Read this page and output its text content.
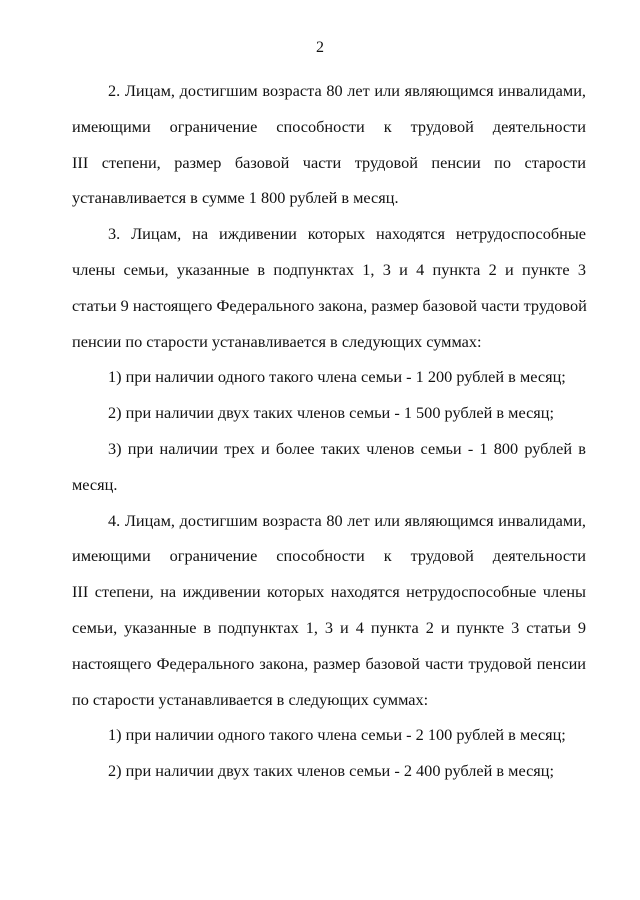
2
2. Лицам, достигшим возраста 80 лет или являющимся инвалидами,
имеющими ограничение способности к трудовой деятельности
III степени, размер базовой части трудовой пенсии по старости
устанавливается в сумме 1 800 рублей в месяц.
3. Лицам, на иждивении которых находятся нетрудоспособные
члены семьи, указанные в подпунктах 1, 3 и 4 пункта 2 и пункте 3
статьи 9 настоящего Федерального закона, размер базовой части трудовой
пенсии по старости устанавливается в следующих суммах:
1) при наличии одного такого члена семьи - 1 200 рублей в месяц;
2) при наличии двух таких членов семьи - 1 500 рублей в месяц;
3) при наличии трех и более таких членов семьи - 1 800 рублей в
месяц.
4. Лицам, достигшим возраста 80 лет или являющимся инвалидами,
имеющими ограничение способности к трудовой деятельности
III степени, на иждивении которых находятся нетрудоспособные члены
семьи, указанные в подпунктах 1, 3 и 4 пункта 2 и пункте 3 статьи 9
настоящего Федерального закона, размер базовой части трудовой пенсии
по старости устанавливается в следующих суммах:
1) при наличии одного такого члена семьи - 2 100 рублей в месяц;
2) при наличии двух таких членов семьи - 2 400 рублей в месяц;
